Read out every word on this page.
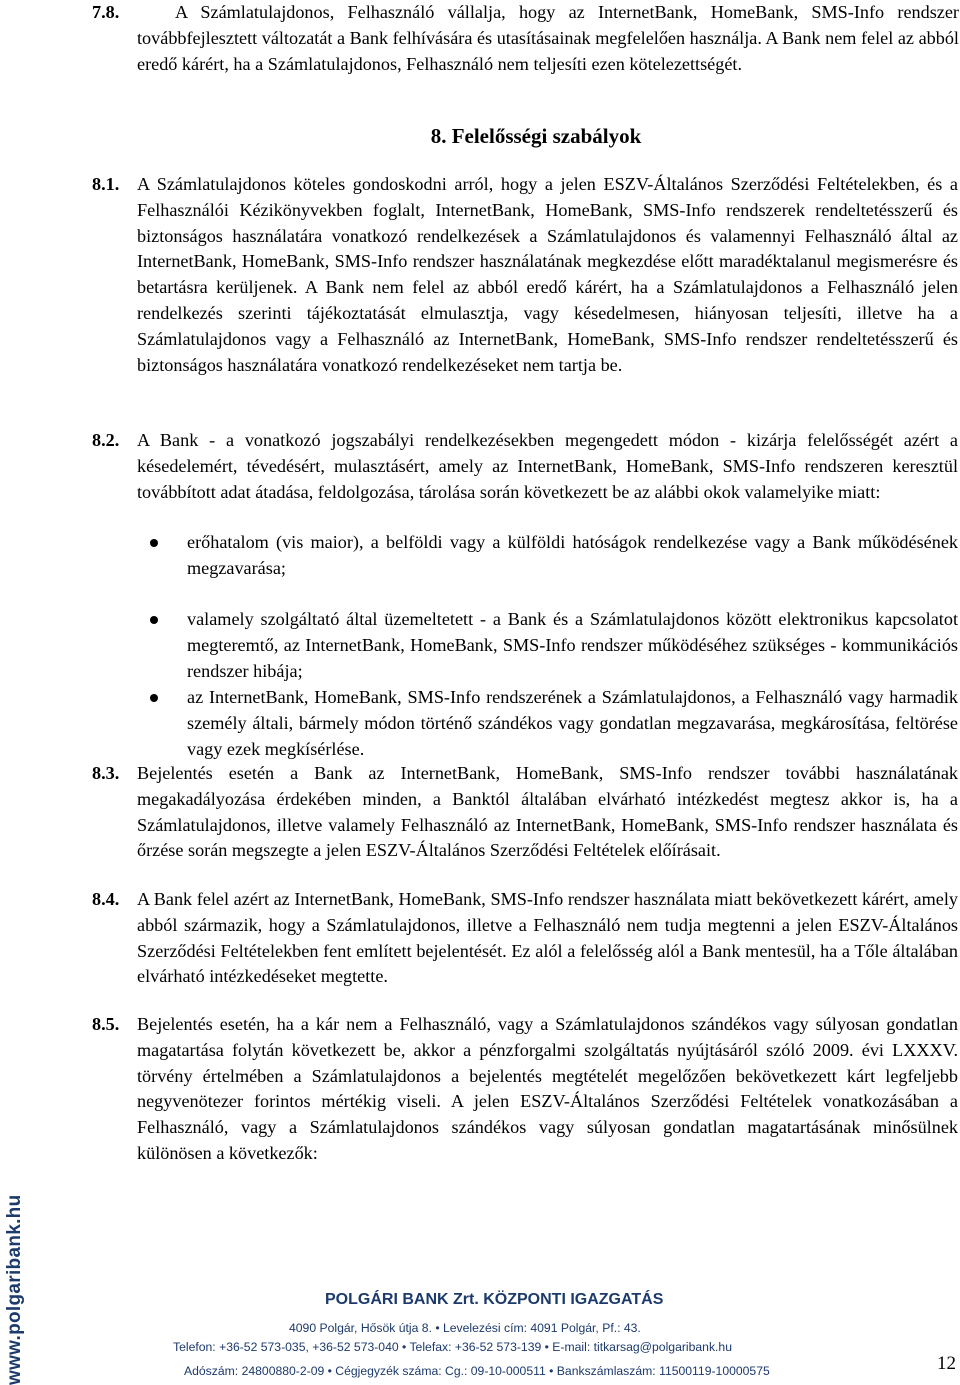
7.8.	A Számlatulajdonos, Felhasználó vállalja, hogy az InternetBank, HomeBank, SMS-Info rendszer továbbfejlesztett változatát a Bank felhívására és utasításainak megfelelően használja. A Bank nem felel az abból eredő kárért, ha a Számlatulajdonos, Felhasználó nem teljesíti ezen kötelezettségét.
8. Felelősségi szabályok
8.1. A Számlatulajdonos köteles gondoskodni arról, hogy a jelen ESZV-Általános Szerződési Feltételekben, és a Felhasználói Kézikönyvekben foglalt, InternetBank, HomeBank, SMS-Info rendszerek rendeltetésszerű és biztonságos használatára vonatkozó rendelkezések a Számlatulajdonos és valamennyi Felhasználó által az InternetBank, HomeBank, SMS-Info rendszer használatának megkezdése előtt maradéktalanul megismerésre és betartásra kerüljenek. A Bank nem felel az abból eredő kárért, ha a Számlatulajdonos a Felhasználó jelen rendelkezés szerinti tájékoztatását elmulasztja, vagy késedelmesen, hiányosan teljesíti, illetve ha a Számlatulajdonos vagy a Felhasználó az InternetBank, HomeBank, SMS-Info rendszer rendeltetésszerű és biztonságos használatára vonatkozó rendelkezéseket nem tartja be.
8.2. A Bank - a vonatkozó jogszabályi rendelkezésekben megengedett módon - kizárja felelősségét azért a késedelemért, tévedésért, mulasztásért, amely az InternetBank, HomeBank, SMS-Info rendszeren keresztül továbbított adat átadása, feldolgozása, tárolása során következett be az alábbi okok valamelyike miatt:
erőhatalom (vis maior), a belföldi vagy a külföldi hatóságok rendelkezése vagy a Bank működésének megzavarása;
valamely szolgáltató által üzemeltetett - a Bank és a Számlatulajdonos között elektronikus kapcsolatot megteremtő, az InternetBank, HomeBank, SMS-Info rendszer működéséhez szükséges - kommunikációs rendszer hibája;
az InternetBank, HomeBank, SMS-Info rendszerének a Számlatulajdonos, a Felhasználó vagy harmadik személy általi, bármely módon történő szándékos vagy gondatlan megzavarása, megkárosítása, feltörése vagy ezek megkísérlése.
8.3. Bejelentés esetén a Bank az InternetBank, HomeBank, SMS-Info rendszer további használatának megakadályozása érdekében minden, a Banktól általában elvárható intézkedést megtesz akkor is, ha a Számlatulajdonos, illetve valamely Felhasználó az InternetBank, HomeBank, SMS-Info rendszer használata és őrzése során megszegte a jelen ESZV-Általános Szerződési Feltételek előírásait.
8.4. A Bank felel azért az InternetBank, HomeBank, SMS-Info rendszer használata miatt bekövetkezett kárért, amely abból származik, hogy a Számlatulajdonos, illetve a Felhasználó nem tudja megtenni a jelen ESZV-Általános Szerződési Feltételekben fent említett bejelentését. Ez alól a felelősség alól a Bank mentesül, ha a Tőle általában elvárható intézkedéseket megtette.
8.5. Bejelentés esetén, ha a kár nem a Felhasználó, vagy a Számlatulajdonos szándékos vagy súlyosan gondatlan magatartása folytán következett be, akkor a pénzforgalmi szolgáltatás nyújtásáról szóló 2009. évi LXXXV. törvény értelmében a Számlatulajdonos a bejelentés megtételét megelőzően bekövetkezett kárt legfeljebb negyvenötezer forintos mértékig viseli. A jelen ESZV-Általános Szerződési Feltételek vonatkozásában a Felhasználó, vagy a Számlatulajdonos szándékos vagy súlyosan gondatlan magatartásának minősülnek különösen a következők:
www.polgaribank.hu	POLGÁRI BANK Zrt. KÖZPONTI IGAZGATÁS
4090 Polgár, Hősök útja 8. • Levelezési cím: 4091 Polgár, Pf.: 43.
Telefon: +36-52 573-035, +36-52 573-040 • Telefax: +36-52 573-139 • E-mail: titkarsag@polgaribank.hu
Adószám: 24800880-2-09 • Cégjegyzék száma: Cg.: 09-10-000511 • Bankszámlaszám: 11500119-10000575	12
